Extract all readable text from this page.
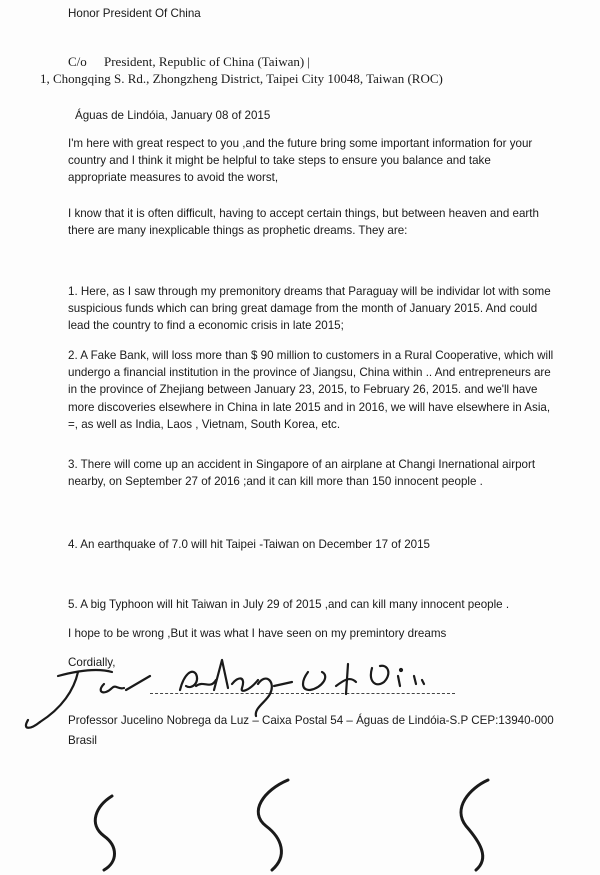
Honor President Of China
C/o President, Republic of China (Taiwan) |
1, Chongqing S. Rd., Zhongzheng District, Taipei City 10048, Taiwan (ROC)
Águas de Lindóia, January 08 of 2015
I'm here with great respect to you ,and the future bring some important information for your
country and I think it might be helpful to take steps to ensure you balance and take
appropriate measures to avoid the worst,
I know that it is often difficult, having to accept certain things, but between heaven and earth
there are many inexplicable things as prophetic dreams. They are:
1. Here, as I saw through my premonitory dreams that Paraguay will be individar lot with some
suspicious funds which can bring great damage from the month of January 2015. And could
lead the country to find a economic crisis in late 2015;
2. A Fake Bank, will loss more than $ 90 million to customers in a Rural Cooperative, which will
undergo a financial institution in the province of Jiangsu, China within .. And entrepreneurs are
in the province of Zhejiang between January 23, 2015, to February 26, 2015. and we'll have
more discoveries elsewhere in China in late 2015 and in 2016, we will have elsewhere in Asia,
=, as well as India, Laos , Vietnam, South Korea, etc.
3. There will come up an accident in Singapore of an airplane at Changi Inernational airport
nearby, on September 27 of 2016 ;and it can kill more than 150 innocent people .
4. An earthquake of 7.0 will hit Taipei -Taiwan on December 17 of 2015
5. A big Typhoon will hit Taiwan in July 29 of 2015 ,and can kill many innocent people .
I hope to be wrong ,But it was what I have seen on my premintory dreams
Cordially,
Professor Jucelino Nobrega da Luz – Caixa Postal 54 – Águas de Lindóia-S.P CEP:13940-000
Brasil
